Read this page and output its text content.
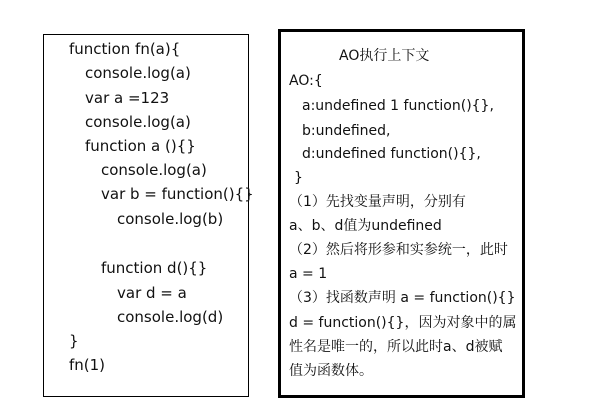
function fn(a){
console.log(a)
var a =123
console.log(a)
function a (){}
console.log(a)
var b = function(){}
console.log(b)
function d(){}
var d = a
console.log(d)
}
fn(1)
AO执行上下文
AO:{
a:undefined 1 function(){},
b:undefined,
d:undefined function(){},
}
（1）先找变量声明，分别有
a、b、d值为undefined
（2）然后将形参和实参统一，此时
a = 1
（3）找函数声明 a = function(){}
d = function(){}，因为对象中的属
性名是唯一的，所以此时a、d被赋
值为函数体。
